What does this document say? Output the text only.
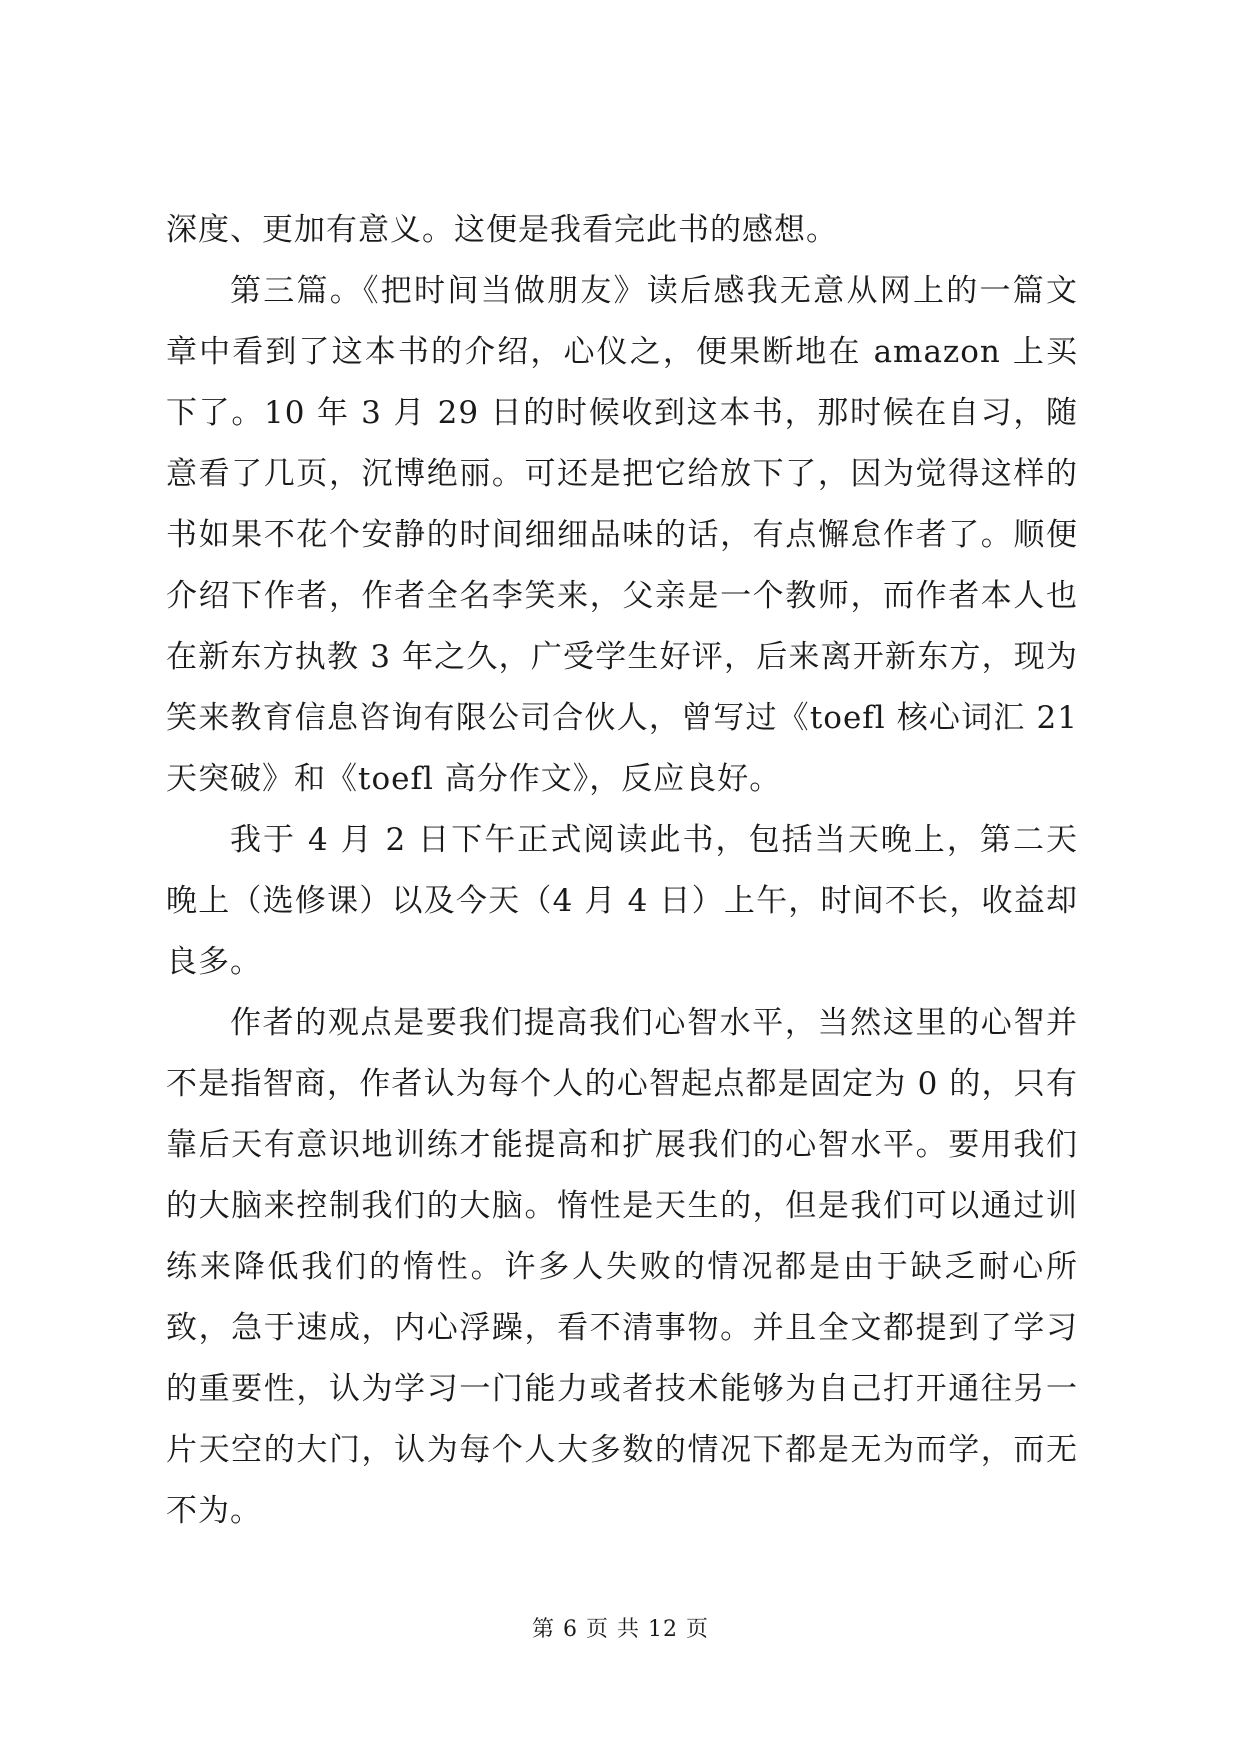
深度、更加有意义。这便是我看完此书的感想。

第三篇。《把时间当做朋友》读后感我无意从网上的一篇文章中看到了这本书的介绍，心仪之，便果断地在 amazon 上买下了。10 年 3 月 29 日的时候收到这本书，那时候在自习，随意看了几页，沉博绝丽。可还是把它给放下了，因为觉得这样的书如果不花个安静的时间细细品味的话，有点懈怠作者了。顺便介绍下作者，作者全名李笑来，父亲是一个教师，而作者本人也在新东方执教 3 年之久，广受学生好评，后来离开新东方，现为笑来教育信息咨询有限公司合伙人，曾写过《toefl 核心词汇 21 天突破》和《toefl 高分作文》，反应良好。

我于 4 月 2 日下午正式阅读此书，包括当天晚上，第二天晚上（选修课）以及今天（4 月 4 日）上午，时间不长，收益却良多。

作者的观点是要我们提高我们心智水平，当然这里的心智并不是指智商，作者认为每个人的心智起点都是固定为 0 的，只有靠后天有意识地训练才能提高和扩展我们的心智水平。要用我们的大脑来控制我们的大脑。惰性是天生的，但是我们可以通过训练来降低我们的惰性。许多人失败的情况都是由于缺乏耐心所致，急于速成，内心浮躁，看不清事物。并且全文都提到了学习的重要性，认为学习一门能力或者技术能够为自己打开通往另一片天空的大门，认为每个人大多数的情况下都是无为而学，而无不为。

第 6 页 共 12 页
